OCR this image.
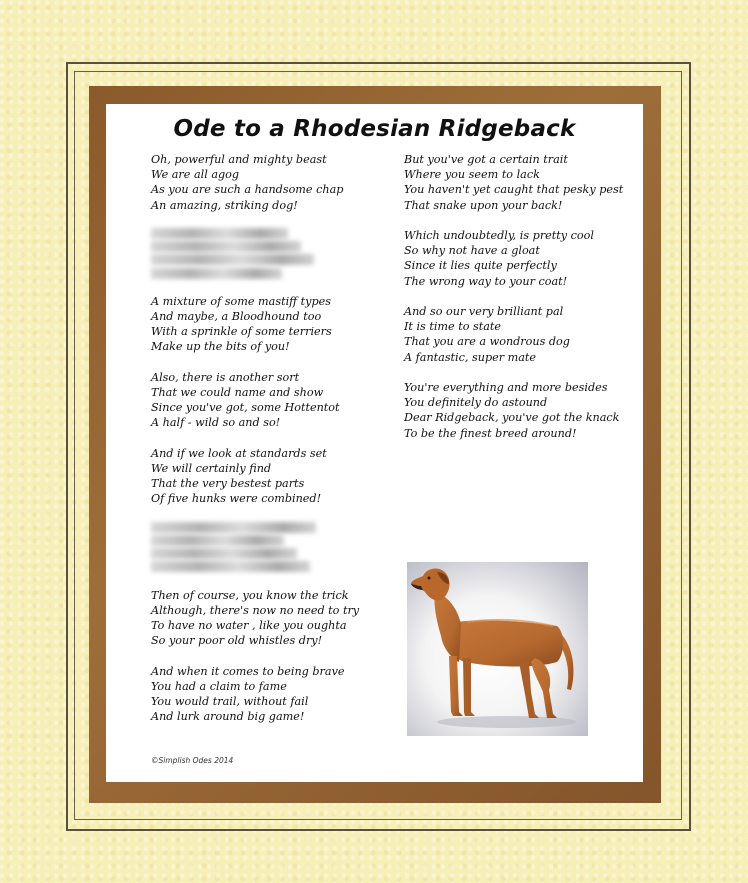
Ode to a Rhodesian Ridgeback
Oh, powerful and mighty beast
We are all agog
As you are such a handsome chap
An amazing, striking dog!
A mixture of some mastiff types
And maybe, a Bloodhound too
With a sprinkle of some terriers
Make up the bits of you!
Also, there is another sort
That we could name and show
Since you've got, some Hottentot
A half - wild so and so!
And if we look at standards set
We will certainly find
That the very bestest parts
Of five hunks were combined!
Then of course, you know the trick
Although, there's now no need to try
To have no water , like you oughta
So your poor old whistles dry!
And when it comes to being brave
You had a claim to fame
You would trail, without fail
And lurk around big game!
But you've got a certain trait
Where you seem to lack
You haven't yet caught that pesky pest
That snake upon your back!
Which undoubtedly, is pretty cool
So why not have a gloat
Since it lies quite perfectly
The wrong way to your coat!
And so our very brilliant pal
It is time to state
That you are a wondrous dog
A fantastic, super mate
You're everything and more besides
You definitely do astound
Dear Ridgeback, you've got the knack
To be the finest breed around!
©Simplish Odes 2014
